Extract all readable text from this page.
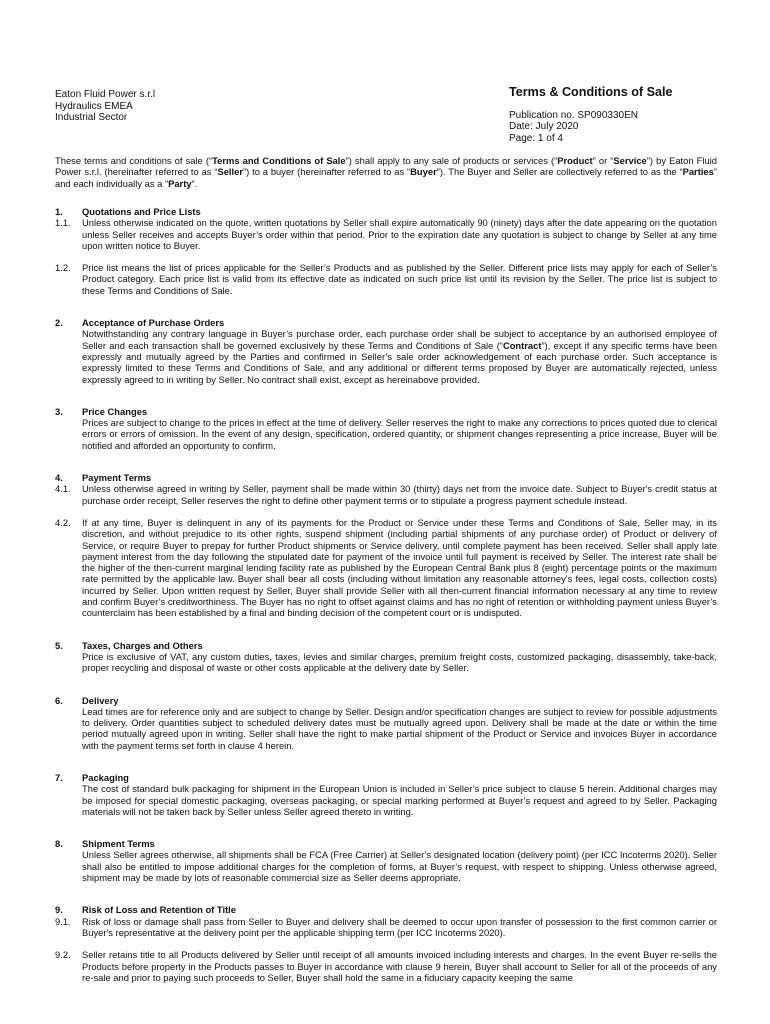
Eaton Fluid Power s.r.l
Hydraulics EMEA
Industrial Sector
Terms & Conditions of Sale
Publication no. SP090330EN
Date: July 2020
Page: 1 of 4
These terms and conditions of sale (“Terms and Conditions of Sale”) shall apply to any sale of products or services (“Product” or “Service”) by Eaton Fluid Power s.r.l. (hereinafter referred to as “Seller”) to a buyer (hereinafter referred to as “Buyer”). The Buyer and Seller are collectively referred to as the “Parties” and each individually as a “Party”.
1.	Quotations and Price Lists
1.1.	Unless otherwise indicated on the quote, written quotations by Seller shall expire automatically 90 (ninety) days after the date appearing on the quotation unless Seller receives and accepts Buyer’s order within that period. Prior to the expiration date any quotation is subject to change by Seller at any time upon written notice to Buyer.
1.2.	Price list means the list of prices applicable for the Seller’s Products and as published by the Seller. Different price lists may apply for each of Seller’s Product category. Each price list is valid from its effective date as indicated on such price list until its revision by the Seller. The price list is subject to these Terms and Conditions of Sale.
2.	Acceptance of Purchase Orders
Notwithstanding any contrary language in Buyer’s purchase order, each purchase order shall be subject to acceptance by an authorised employee of Seller and each transaction shall be governed exclusively by these Terms and Conditions of Sale (“Contract”), except if any specific terms have been expressly and mutually agreed by the Parties and confirmed in Seller’s sale order acknowledgement of each purchase order. Such acceptance is expressly limited to these Terms and Conditions of Sale, and any additional or different terms proposed by Buyer are automatically rejected, unless expressly agreed to in writing by Seller. No contract shall exist, except as hereinabove provided.
3.	Price Changes
Prices are subject to change to the prices in effect at the time of delivery. Seller reserves the right to make any corrections to prices quoted due to clerical errors or errors of omission. In the event of any design, specification, ordered quantity, or shipment changes representing a price increase, Buyer will be notified and afforded an opportunity to confirm.
4.	Payment Terms
4.1.	Unless otherwise agreed in writing by Seller, payment shall be made within 30 (thirty) days net from the invoice date. Subject to Buyer's credit status at purchase order receipt, Seller reserves the right to define other payment terms or to stipulate a progress payment schedule instead.
4.2.	If at any time, Buyer is delinquent in any of its payments for the Product or Service under these Terms and Conditions of Sale, Seller may, in its discretion, and without prejudice to its other rights, suspend shipment (including partial shipments of any purchase order) of Product or delivery of Service, or require Buyer to prepay for further Product shipments or Service delivery, until complete payment has been received. Seller shall apply late payment interest from the day following the stipulated date for payment of the invoice until full payment is received by Seller. The interest rate shall be the higher of the then-current marginal lending facility rate as published by the European Central Bank plus 8 (eight) percentage points or the maximum rate permitted by the applicable law. Buyer shall bear all costs (including without limitation any reasonable attorney's fees, legal costs, collection costs) incurred by Seller. Upon written request by Seller, Buyer shall provide Seller with all then-current financial information necessary at any time to review and confirm Buyer’s creditworthiness. The Buyer has no right to offset against claims and has no right of retention or withholding payment unless Buyer’s counterclaim has been established by a final and binding decision of the competent court or is undisputed.
5.	Taxes, Charges and Others
Price is exclusive of VAT, any custom duties, taxes, levies and similar charges, premium freight costs, customized packaging, disassembly, take-back, proper recycling and disposal of waste or other costs applicable at the delivery date by Seller.
6.	Delivery
Lead times are for reference only and are subject to change by Seller. Design and/or specification changes are subject to review for possible adjustments to delivery. Order quantities subject to scheduled delivery dates must be mutually agreed upon. Delivery shall be made at the date or within the time period mutually agreed upon in writing. Seller shall have the right to make partial shipment of the Product or Service and invoices Buyer in accordance with the payment terms set forth in clause 4 herein.
7.	Packaging
The cost of standard bulk packaging for shipment in the European Union is included in Seller’s price subject to clause 5 herein. Additional charges may be imposed for special domestic packaging, overseas packaging, or special marking performed at Buyer’s request and agreed to by Seller. Packaging materials will not be taken back by Seller unless Seller agreed thereto in writing.
8.	Shipment Terms
Unless Seller agrees otherwise, all shipments shall be FCA (Free Carrier) at Seller’s designated location (delivery point) (per ICC Incoterms 2020). Seller shall also be entitled to impose additional charges for the completion of forms, at Buyer’s request, with respect to shipping. Unless otherwise agreed, shipment may be made by lots of reasonable commercial size as Seller deems appropriate.
9.	Risk of Loss and Retention of Title
9.1.	Risk of loss or damage shall pass from Seller to Buyer and delivery shall be deemed to occur upon transfer of possession to the first common carrier or Buyer's representative at the delivery point per the applicable shipping term (per ICC Incoterms 2020).
9.2.	Seller retains title to all Products delivered by Seller until receipt of all amounts invoiced including interests and charges. In the event Buyer re-sells the Products before property in the Products passes to Buyer in accordance with clause 9 herein, Buyer shall account to Seller for all of the proceeds of any re-sale and prior to paying such proceeds to Seller, Buyer shall hold the same in a fiduciary capacity keeping the same
